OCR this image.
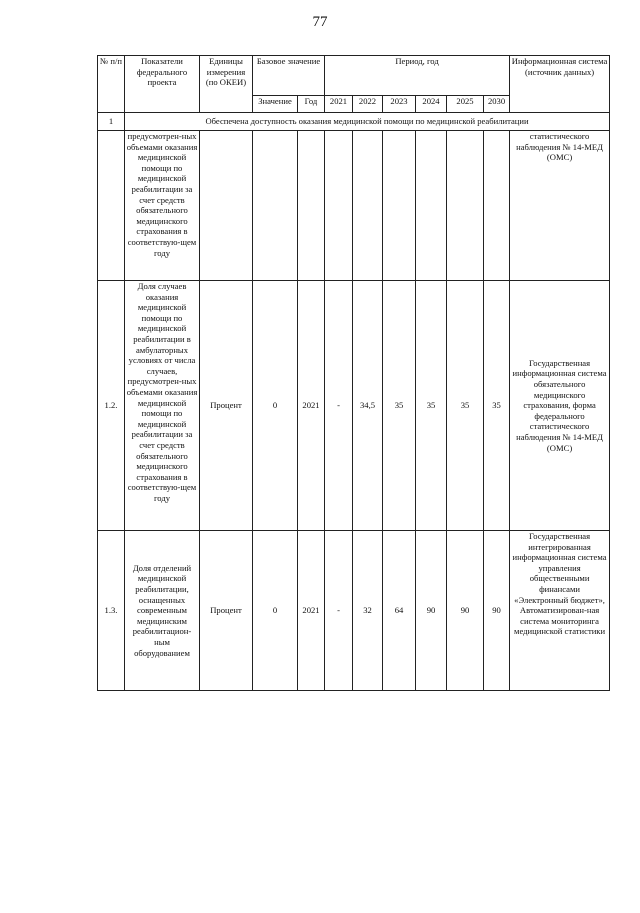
77
№ п/п	Показатели федерального проекта	Единицы измерения (по ОКЕИ)	Базовое значение		Период, год						Информационная система (источник данных)
			Значение	Год	2021	2022	2023	2024	2025	2030	
1	Обеспечена доступность оказания медицинской помощи по медицинской реабилитации										
	предусмотрен-ных объемами оказания медицинской помощи по медицинской реабилитации за счет средств обязательного медицинского страхования в соответствую-щем году										статистического наблюдения № 14-МЕД (ОМС)
1.2.	Доля случаев оказания медицинской помощи по медицинской реабилитации в амбулаторных условиях от числа случаев, предусмотрен-ных объемами оказания медицинской помощи по медицинской реабилитации за счет средств обязательного медицинского страхования в соответствую-щем году	Процент	0	2021	-	34,5	35	35	35	35	Государственная информационная система обязательного медицинского страхования, форма федерального статистического наблюдения № 14-МЕД (ОМС)
1.3.	Доля отделений медицинской реабилитации, оснащенных современным медицинским реабилитацион-ным оборудованием	Процент	0	2021	-	32	64	90	90	90	Государственная интегрированная информационная система управления общественными финансами «Электронный бюджет», Автоматизирован-ная система мониторинга медицинской статистики
